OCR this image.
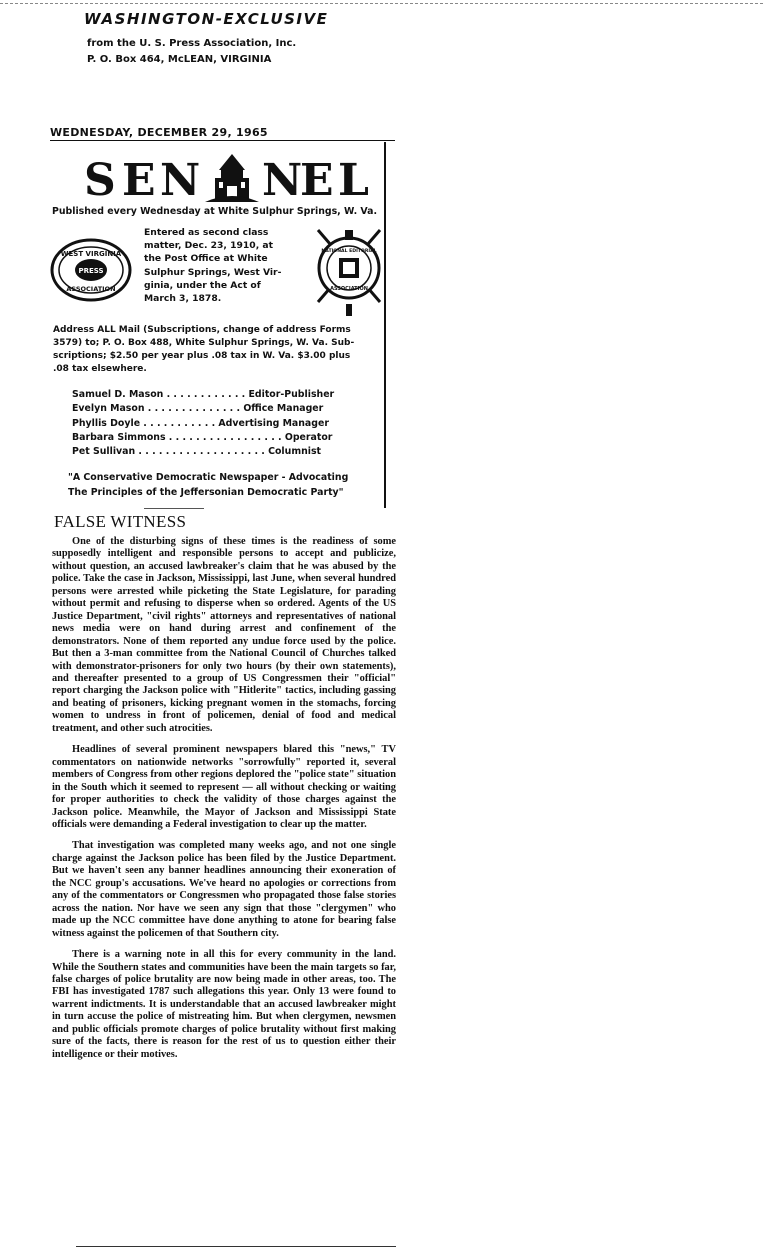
WASHINGTON-EXCLUSIVE
from the U. S. Press Association, Inc.
P. O. Box 464, McLEAN, VIRGINIA
WEDNESDAY, DECEMBER 29, 1965
S E N N
E L
Published every Wednesday at White Sulphur Springs, W. Va.
WEST VIRGINIA
PRESS
ASSOCIATION
Entered as second class
matter, Dec. 23, 1910, at
the Post Office at White
Sulphur Springs, West Vir-
ginia, under the Act of
March 3, 1878.
NATIONAL EDITORIAL
ASSOCIATION
Address ALL Mail (Subscriptions, change of address Forms
3579) to; P. O. Box 488, White Sulphur Springs, W. Va. Sub-
scriptions; $2.50 per year plus .08 tax in W. Va. $3.00 plus
.08 tax elsewhere.
Samuel D. Mason . . . . . . . . . . . . Editor-Publisher
Evelyn Mason . . . . . . . . . . . . . . Office Manager
Phyllis Doyle . . . . . . . . . . . Advertising Manager
Barbara Simmons . . . . . . . . . . . . . . . . . Operator
Pet Sullivan . . . . . . . . . . . . . . . . . . . Columnist
"A Conservative Democratic Newspaper - Advocating
The Principles of the Jeffersonian Democratic Party"
FALSE WITNESS

One of the disturbing signs of these times is the readiness of some supposedly intelligent and responsible persons to accept and publicize, without question, an accused lawbreaker's claim that he was abused by the police. Take the case in Jackson, Mississippi, last June, when several hundred persons were arrested while picketing the State Legislature, for parading without permit and refusing to disperse when so ordered. Agents of the US Justice Department, "civil rights" attorneys and representatives of national news media were on hand during arrest and confinement of the demonstrators. None of them reported any undue force used by the police. But then a 3-man committee from the National Council of Churches talked with demonstrator-prisoners for only two hours (by their own statements), and thereafter presented to a group of US Congressmen their "official" report charging the Jackson police with "Hitlerite" tactics, including gassing and beating of prisoners, kicking pregnant women in the stomachs, forcing women to undress in front of policemen, denial of food and medical treatment, and other such atrocities.

Headlines of several prominent newspapers blared this "news," TV commentators on nationwide networks "sorrowfully" reported it, several members of Congress from other regions deplored the "police state" situation in the South which it seemed to represent — all without checking or waiting for proper authorities to check the validity of those charges against the Jackson police. Meanwhile, the Mayor of Jackson and Mississippi State officials were demanding a Federal investigation to clear up the matter.

That investigation was completed many weeks ago, and not one single charge against the Jackson police has been filed by the Justice Department. But we haven't seen any banner headlines announcing their exoneration of the NCC group's accusations. We've heard no apologies or corrections from any of the commentators or Congressmen who propagated those false stories across the nation. Nor have we seen any sign that those "clergymen" who made up the NCC committee have done anything to atone for bearing false witness against the policemen of that Southern city.

There is a warning note in all this for every community in the land. While the Southern states and communities have been the main targets so far, false charges of police brutality are now being made in other areas, too. The FBI has investigated 1787 such allegations this year. Only 13 were found to warrent indictments. It is understandable that an accused lawbreaker might in turn accuse the police of mistreating him. But when clergymen, newsmen and public officials promote charges of police brutality without first making sure of the facts, there is reason for the rest of us to question either their intelligence or their motives.
